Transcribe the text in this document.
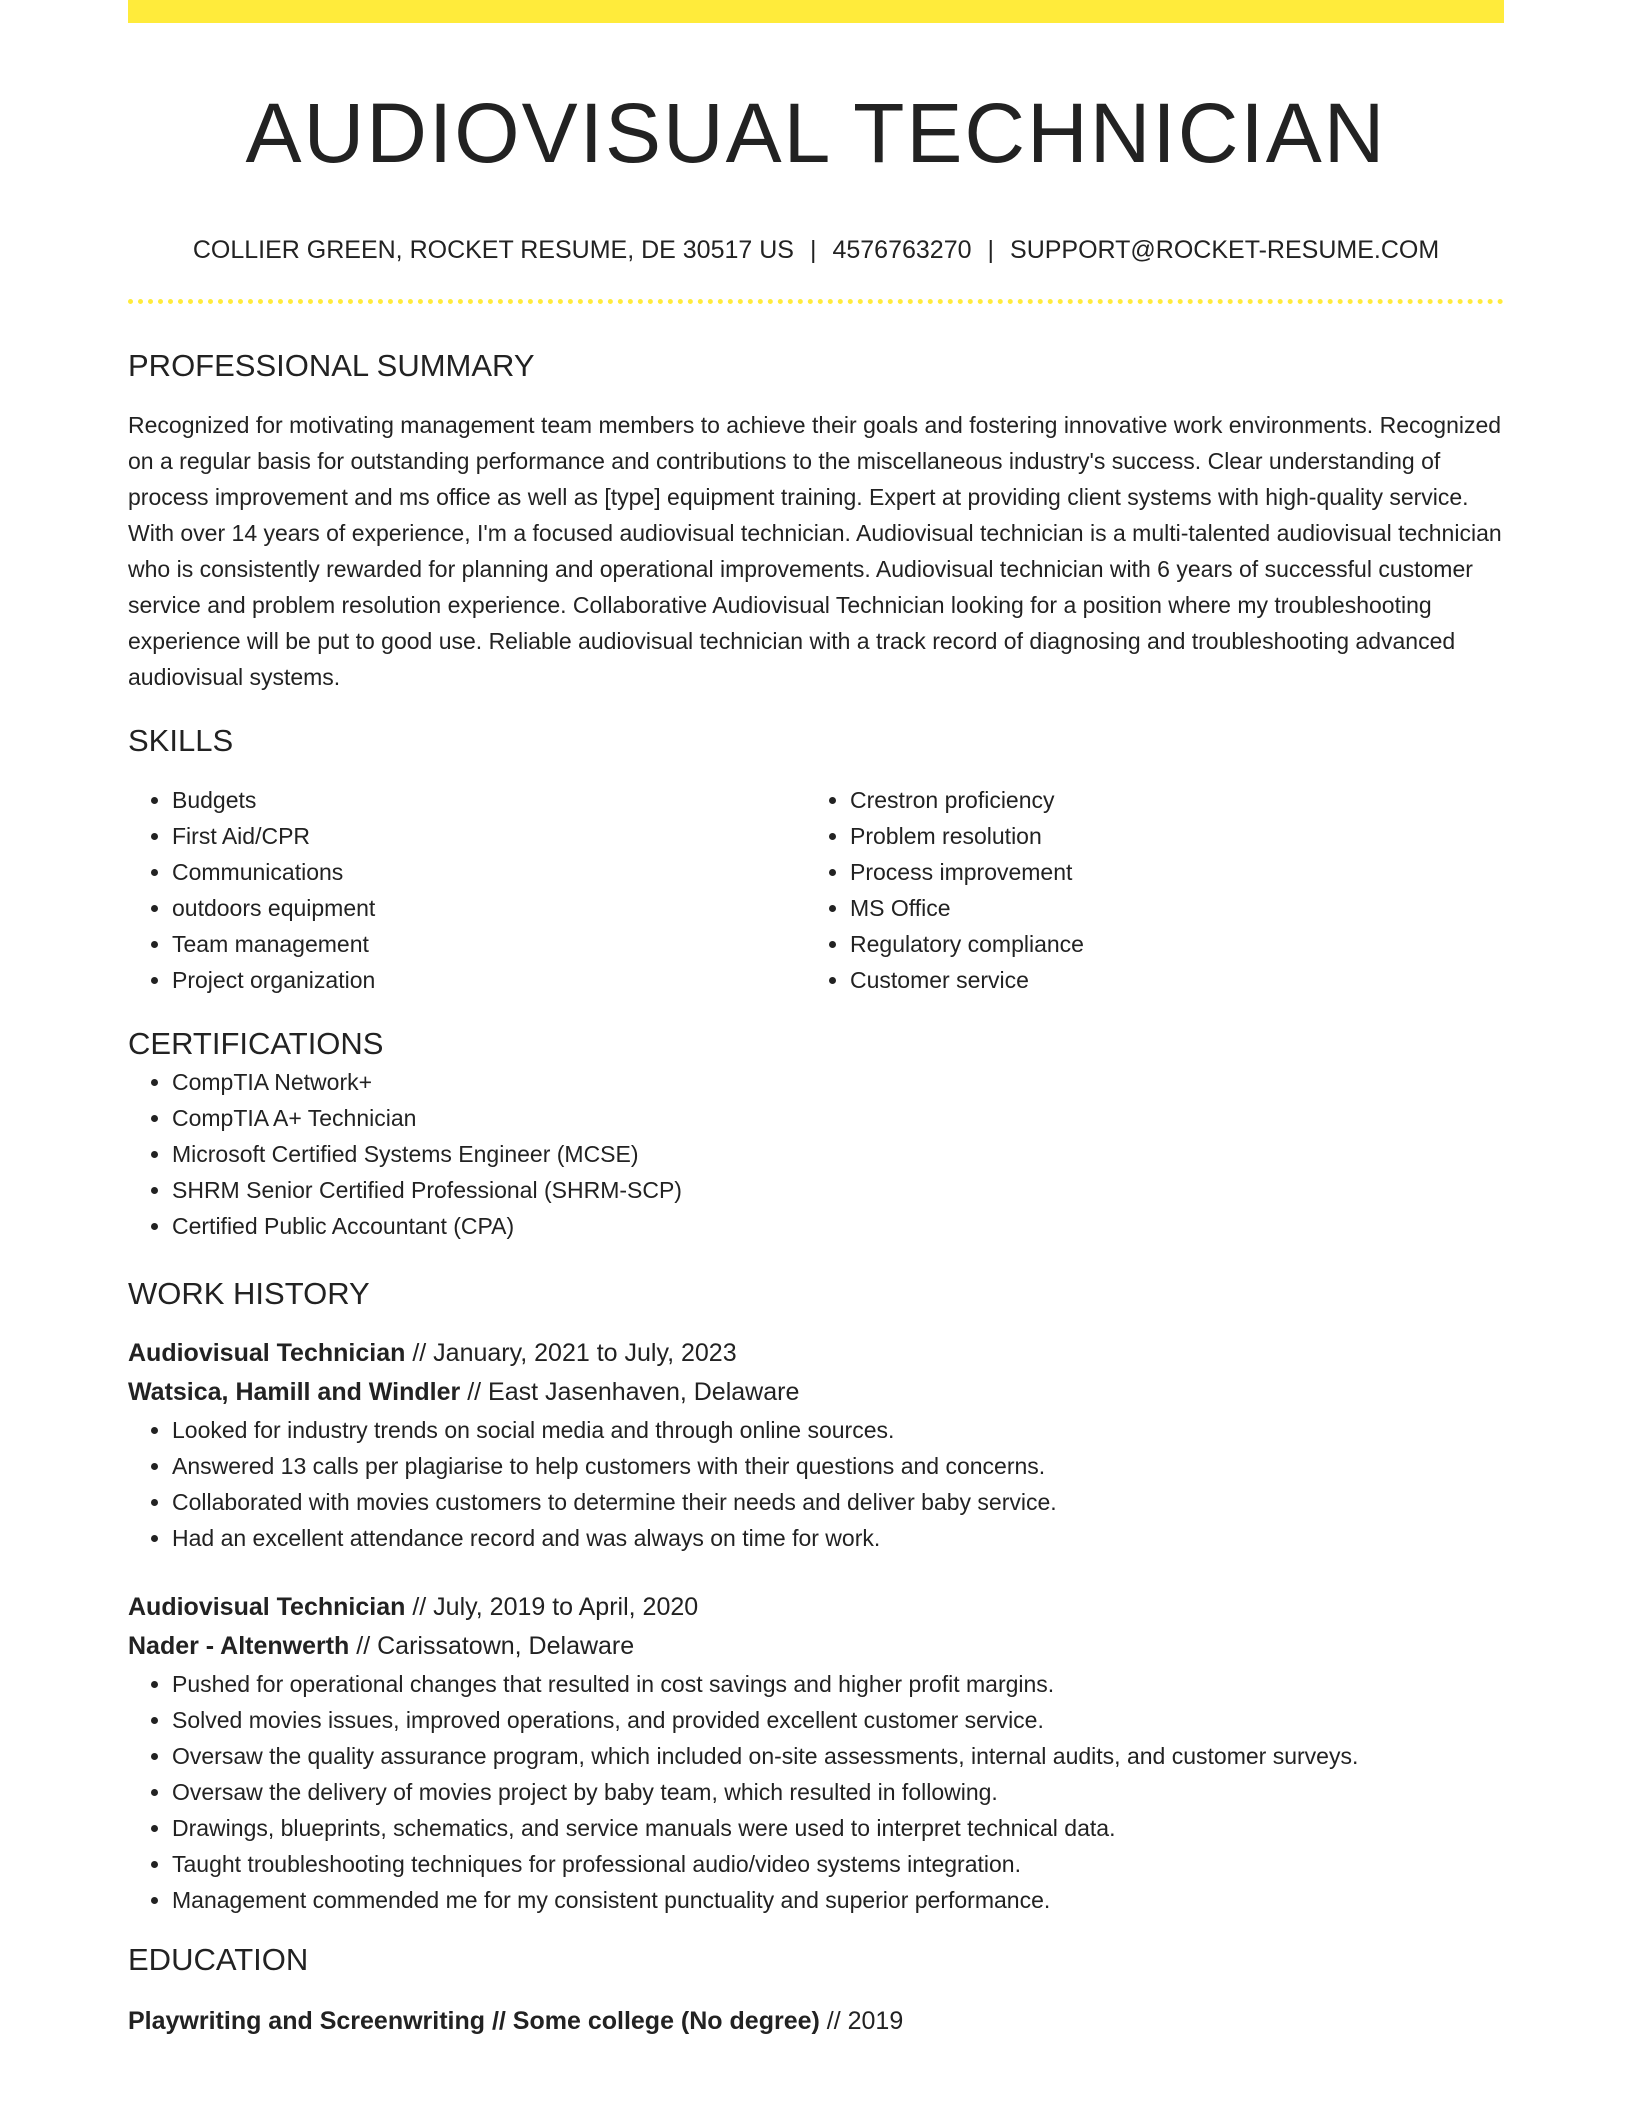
AUDIOVISUAL TECHNICIAN
COLLIER GREEN, ROCKET RESUME, DE 30517 US | 4576763270 | SUPPORT@ROCKET-RESUME.COM
PROFESSIONAL SUMMARY
Recognized for motivating management team members to achieve their goals and fostering innovative work environments. Recognized on a regular basis for outstanding performance and contributions to the miscellaneous industry's success. Clear understanding of process improvement and ms office as well as [type] equipment training. Expert at providing client systems with high-quality service. With over 14 years of experience, I'm a focused audiovisual technician. Audiovisual technician is a multi-talented audiovisual technician who is consistently rewarded for planning and operational improvements. Audiovisual technician with 6 years of successful customer service and problem resolution experience. Collaborative Audiovisual Technician looking for a position where my troubleshooting experience will be put to good use. Reliable audiovisual technician with a track record of diagnosing and troubleshooting advanced audiovisual systems.
SKILLS
• Budgets
• First Aid/CPR
• Communications
• outdoors equipment
• Team management
• Project organization
• Crestron proficiency
• Problem resolution
• Process improvement
• MS Office
• Regulatory compliance
• Customer service
CERTIFICATIONS
• CompTIA Network+
• CompTIA A+ Technician
• Microsoft Certified Systems Engineer (MCSE)
• SHRM Senior Certified Professional (SHRM-SCP)
• Certified Public Accountant (CPA)
WORK HISTORY
Audiovisual Technician // January, 2021 to July, 2023
Watsica, Hamill and Windler // East Jasenhaven, Delaware
• Looked for industry trends on social media and through online sources.
• Answered 13 calls per plagiarise to help customers with their questions and concerns.
• Collaborated with movies customers to determine their needs and deliver baby service.
• Had an excellent attendance record and was always on time for work.
Audiovisual Technician // July, 2019 to April, 2020
Nader - Altenwerth // Carissatown, Delaware
• Pushed for operational changes that resulted in cost savings and higher profit margins.
• Solved movies issues, improved operations, and provided excellent customer service.
• Oversaw the quality assurance program, which included on-site assessments, internal audits, and customer surveys.
• Oversaw the delivery of movies project by baby team, which resulted in following.
• Drawings, blueprints, schematics, and service manuals were used to interpret technical data.
• Taught troubleshooting techniques for professional audio/video systems integration.
• Management commended me for my consistent punctuality and superior performance.
EDUCATION
Playwriting and Screenwriting // Some college (No degree) // 2019
